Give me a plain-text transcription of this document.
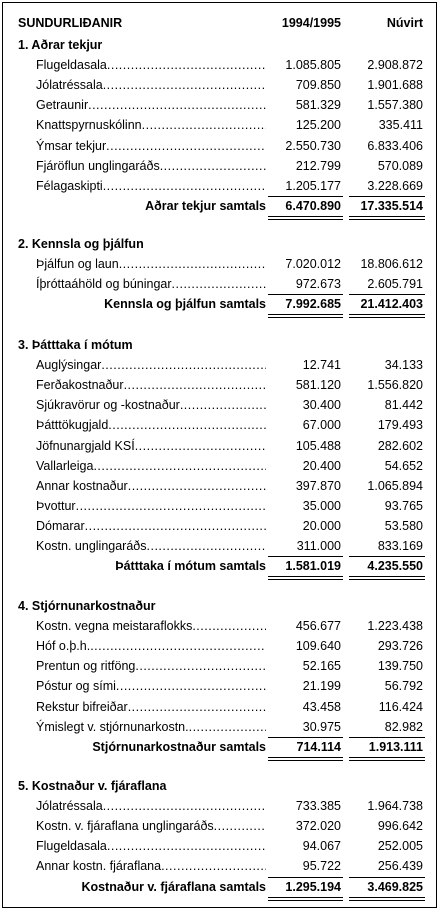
SUNDURLIÐANIR	1994/1995	Núvirt
1. Aðrar tekjur
Flugeldasala .....	1.085.805	2.908.872
Jólatréssala .....	709.850	1.901.688
Getraunir .....	581.329	1.557.380
Knattspyrnuskólinn .....	125.200	335.411
Ýmsar tekjur .....	2.550.730	6.833.406
Fjáröflun unglingaráðs .....	212.799	570.089
Félagaskipti .....	1.205.177	3.228.669
Aðrar tekjur samtals	6.470.890	17.335.514
2. Kennsla og þjálfun
Þjálfun og laun .....	7.020.012	18.806.612
Íþróttaáhöld og búningar .....	972.673	2.605.791
Kennsla og þjálfun samtals	7.992.685	21.412.403
3. Þátttaka í mótum
Auglýsingar .....	12.741	34.133
Ferðakostnaður .....	581.120	1.556.820
Sjúkravörur og -kostnaður .....	30.400	81.442
Þátttökugjald .....	67.000	179.493
Jöfnunargjald KSÍ .....	105.488	282.602
Vallarleiga .....	20.400	54.652
Annar kostnaður .....	397.870	1.065.894
Þvottur .....	35.000	93.765
Dómarar .....	20.000	53.580
Kostn. unglingaráðs .....	311.000	833.169
Þátttaka í mótum samtals	1.581.019	4.235.550
4. Stjórnunarkostnaður
Kostn. vegna meistaraflokks .....	456.677	1.223.438
Hóf o.þ.h. .....	109.640	293.726
Prentun og ritföng .....	52.165	139.750
Póstur og sími .....	21.199	56.792
Rekstur bifreiðar .....	43.458	116.424
Ýmislegt v. stjórnunarkostn. .....	30.975	82.982
Stjórnunarkostnaður samtals	714.114	1.913.111
5. Kostnaður v. fjáraflana
Jólatréssala .....	733.385	1.964.738
Kostn. v. fjáraflana unglingaráðs .....	372.020	996.642
Flugeldasala .....	94.067	252.005
Annar kostn. fjáraflana .....	95.722	256.439
Kostnaður v. fjáraflana samtals	1.295.194	3.469.825
